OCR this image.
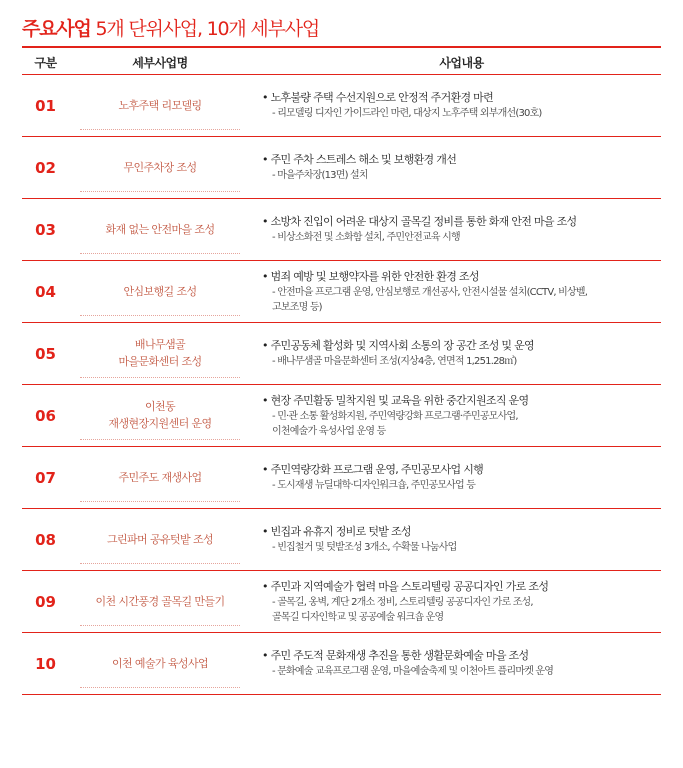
주요사업 5개 단위사업, 10개 세부사업
구분	세부사업명	사업내용
01	노후주택 리모델링
• 노후불량 주택 수선지원으로 안정적 주거환경 마련
- 리모델링 디자인 가이드라인 마련, 대상지 노후주택 외부개선(30호)
02	무인주차장 조성
• 주민 주차 스트레스 해소 및 보행환경 개선
- 마을주차장(13면) 설치
03	화재 없는 안전마을 조성
• 소방차 진입이 어려운 대상지 골목길 정비를 통한 화재 안전 마을 조성
- 비상소화전 및 소화함 설치, 주민안전교육 시행
04	안심보행길 조성
• 범죄 예방 및 보행약자를 위한 안전한 환경 조성
- 안전마을 프로그램 운영, 안심보행로 개선공사, 안전시설물 설치(CCTV, 비상벨,
고보조명 등)
05	배나무샘골
마을문화센터 조성
• 주민공동체 활성화 및 지역사회 소통의 장 공간 조성 및 운영
- 배나무샘골 마을문화센터 조성(지상4층, 연면적 1,251.28㎡)
06	이천동
재생현장지원센터 운영
• 현장 주민활동 밀착지원 및 교육을 위한 중간지원조직 운영
- 민‧관 소통 활성화지원, 주민역량강화 프로그램·주민공모사업,
이천예술가 육성사업 운영 등
07	주민주도 재생사업
• 주민역량강화 프로그램 운영, 주민공모사업 시행
- 도시재생 뉴딜대학·디자인워크숍, 주민공모사업 등
08	그린파머 공유텃밭 조성
• 빈집과 유휴지 정비로 텃밭 조성
- 빈집철거 및 텃밭조성 3개소, 수확물 나눔사업
09	이천 시간풍경 골목길 만들기
• 주민과 지역예술가 협력 마을 스토리텔링 공공디자인 가로 조성
- 골목길, 옹벽, 계단 2개소 정비, 스토리텔링 공공디자인 가로 조성,
골목길 디자인학교 및 공공예술 워크숍 운영
10	이천 예술가 육성사업
• 주민 주도적 문화재생 추진을 통한 생활문화예술 마을 조성
- 문화예술 교육프로그램 운영, 마을예술축제 및 이천아트 플리마켓 운영
